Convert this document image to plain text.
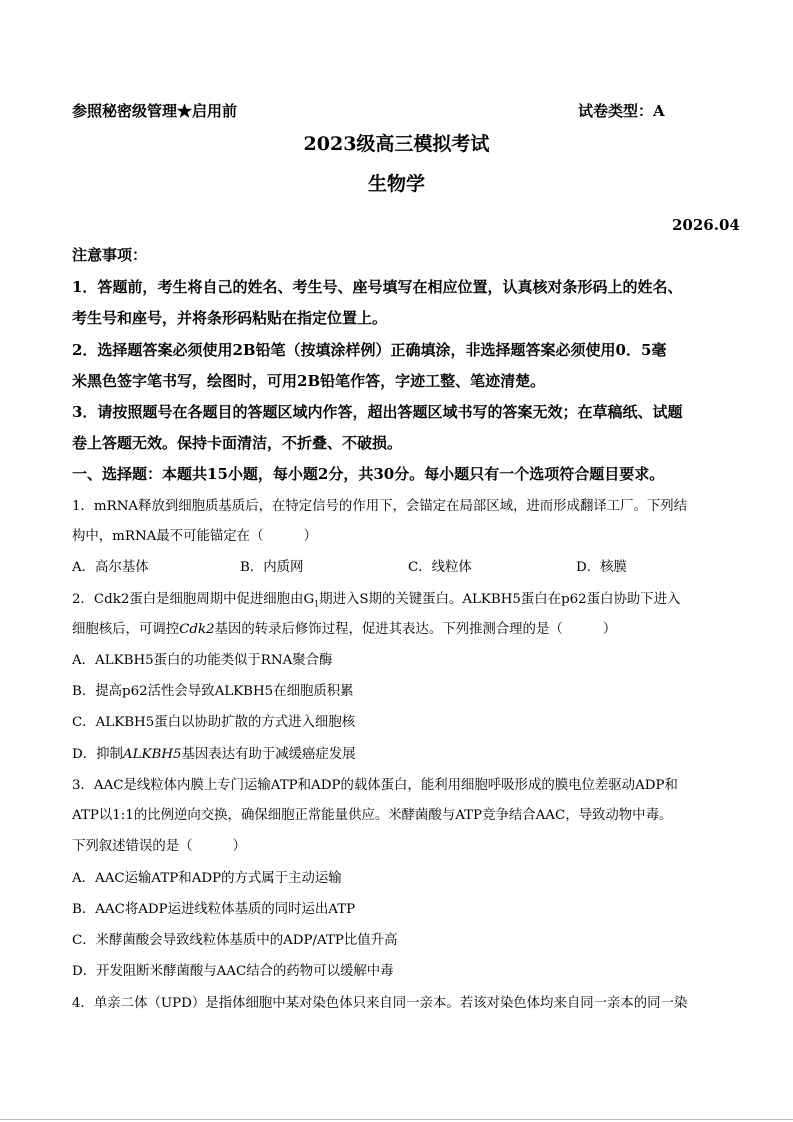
参照秘密级管理★启用前	试卷类型：A
2023级高三模拟考试
生物学
2026.04
注意事项：
1．答题前，考生将自己的姓名、考生号、座号填写在相应位置，认真核对条形码上的姓名、
考生号和座号，并将条形码粘贴在指定位置上。
2．选择题答案必须使用2B铅笔（按填涂样例）正确填涂，非选择题答案必须使用0．5毫
米黑色签字笔书写，绘图时，可用2B铅笔作答，字迹工整、笔迹清楚。
3．请按照题号在各题目的答题区域内作答，超出答题区域书写的答案无效；在草稿纸、试题
卷上答题无效。保持卡面清洁，不折叠、不破损。
一、选择题：本题共15小题，每小题2分，共30分。每小题只有一个选项符合题目要求。
1．mRNA释放到细胞质基质后，在特定信号的作用下，会锚定在局部区域，进而形成翻译工厂。下列结
构中，mRNA最不可能锚定在（　　　）
A．高尔基体	B．内质网	C．线粒体	D．核膜
2．Cdk2蛋白是细胞周期中促进细胞由$G_1$期进入S期的关键蛋白。ALKBH5蛋白在p62蛋白协助下进入
细胞核后，可调控Cdk2基因的转录后修饰过程，促进其表达。下列推测合理的是（　　　）
A．ALKBH5蛋白的功能类似于RNA聚合酶
B．提高p62活性会导致ALKBH5在细胞质积累
C．ALKBH5蛋白以协助扩散的方式进入细胞核
D．抑制ALKBH5基因表达有助于减缓癌症发展
3．AAC是线粒体内膜上专门运输ATP和ADP的载体蛋白，能利用细胞呼吸形成的膜电位差驱动ADP和
ATP以1:1的比例逆向交换，确保细胞正常能量供应。米酵菌酸与ATP竞争结合AAC，导致动物中毒。
下列叙述错误的是（　　　）
A．AAC运输ATP和ADP的方式属于主动运输
B．AAC将ADP运进线粒体基质的同时运出ATP
C．米酵菌酸会导致线粒体基质中的ADP/ATP比值升高
D．开发阻断米酵菌酸与AAC结合的药物可以缓解中毒
4．单亲二体（UPD）是指体细胞中某对染色体只来自同一亲本。若该对染色体均来自同一亲本的同一染
